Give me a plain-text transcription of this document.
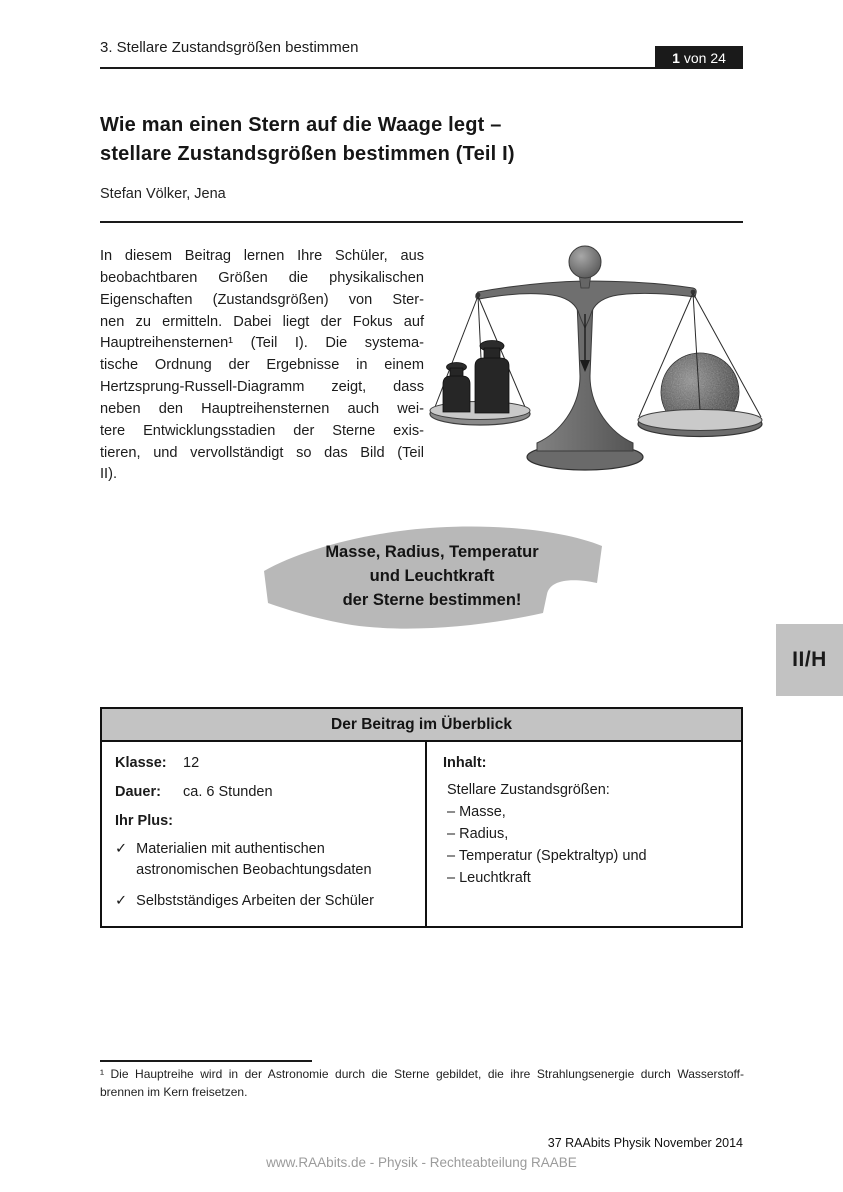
3. Stellare Zustandsgrößen bestimmen
1 von 24
Wie man einen Stern auf die Waage legt –
stellare Zustandsgrößen bestimmen (Teil I)
Stefan Völker, Jena
In diesem Beitrag lernen Ihre Schüler, aus
beobachtbaren Größen die physikalischen
Eigenschaften (Zustandsgrößen) von Ster-
nen zu ermitteln. Dabei liegt der Fokus auf
Hauptreihensternen¹ (Teil I). Die systema-
tische Ordnung der Ergebnisse in einem
Hertzsprung-Russell-Diagramm zeigt, dass
neben den Hauptreihensternen auch wei-
tere Entwicklungsstadien der Sterne exis-
tieren, und vervollständigt so das Bild (Teil
II).
Masse, Radius, Temperatur
und Leuchtkraft
der Sterne bestimmen!
II/H
Der Beitrag im Überblick
Klasse: 12
Dauer: ca. 6 Stunden
Ihr Plus:
✓ Materialien mit authentischen astronomischen Beobachtungsdaten
✓ Selbstständiges Arbeiten der Schüler
Inhalt:
Stellare Zustandsgrößen:
– Masse,
– Radius,
– Temperatur (Spektraltyp) und
– Leuchtkraft
¹ Die Hauptreihe wird in der Astronomie durch die Sterne gebildet, die ihre Strahlungsenergie durch Wasserstoff-
brennen im Kern freisetzen.
37 RAAbits Physik November 2014
www.RAAbits.de - Physik - Rechteabteilung RAABE
